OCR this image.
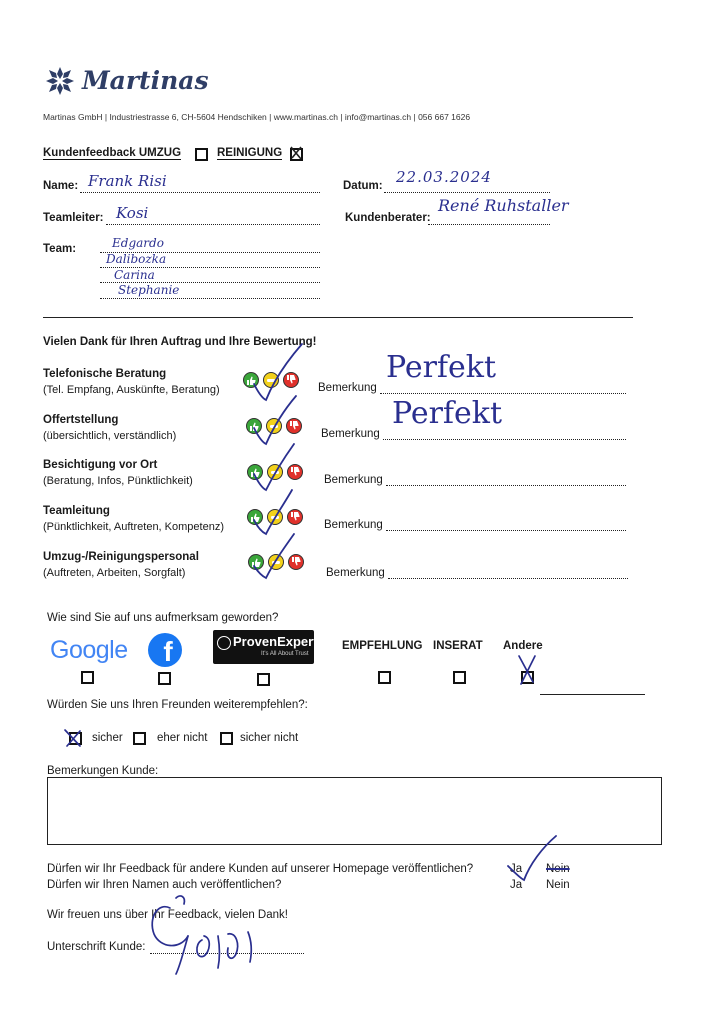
Martinas
Martinas GmbH | Industriestrasse 6, CH-5604 Hendschiken | www.martinas.ch | info@martinas.ch | 056 667 1626
Kundenfeedback UMZUG	REINIGUNG
Name: Frank Risi	Datum: 22.03.2024
Teamleiter: Kosi	Kundenberater:
René Ruhstaller
Team:	Edgardo
Dalibozka
Carina
Stephanie
Vielen Dank für Ihren Auftrag und Ihre Bewertung!
Telefonische Beratung
(Tel. Empfang, Auskünfte, Beratung)	Bemerkung
Perfekt
Offertstellung
(übersichtlich, verständlich)	Bemerkung
Perfekt
Besichtigung vor Ort
(Beratung, Infos, Pünktlichkeit)	Bemerkung
Teamleitung
(Pünktlichkeit, Auftreten, Kompetenz)	Bemerkung
Umzug-/Reinigungspersonal
(Auftreten, Arbeiten, Sorgfalt)	Bemerkung
Wie sind Sie auf uns aufmerksam geworden?
Google f	ProvenExpert
It's All About Trust
EMPFEHLUNG INSERAT Andere
Würden Sie uns Ihren Freunden weiterempfehlen?:
sicher	eher nicht	sicher nicht
Bemerkungen Kunde:
Dürfen wir Ihr Feedback für andere Kunden auf unserer Homepage veröffentlichen?	Ja Nein
Dürfen wir Ihren Namen auch veröffentlichen?	Ja Nein
Wir freuen uns über Ihr Feedback, vielen Dank!
Unterschrift Kunde:
